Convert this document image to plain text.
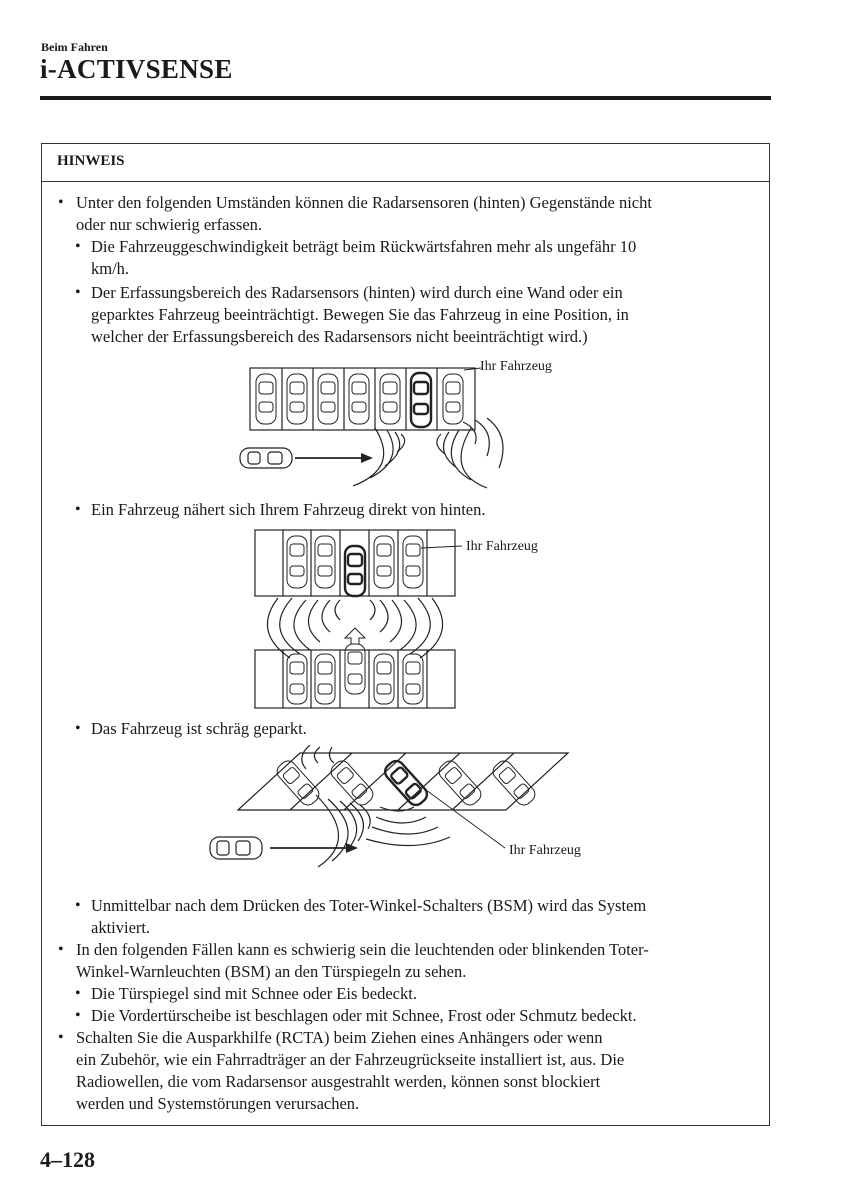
Beim Fahren
i-ACTIVSENSE
HINWEIS
• Unter den folgenden Umständen können die Radarsensoren (hinten) Gegenstände nicht
oder nur schwierig erfassen.
• Die Fahrzeuggeschwindigkeit beträgt beim Rückwärtsfahren mehr als ungefähr 10
km/h.
• Der Erfassungsbereich des Radarsensors (hinten) wird durch eine Wand oder ein
geparktes Fahrzeug beeinträchtigt. Bewegen Sie das Fahrzeug in eine Position, in
welcher der Erfassungsbereich des Radarsensors nicht beeinträchtigt wird.)
Ihr Fahrzeug
• Ein Fahrzeug nähert sich Ihrem Fahrzeug direkt von hinten.
Ihr Fahrzeug
• Das Fahrzeug ist schräg geparkt.
Ihr Fahrzeug
• Unmittelbar nach dem Drücken des Toter-Winkel-Schalters (BSM) wird das System
aktiviert.
• In den folgenden Fällen kann es schwierig sein die leuchtenden oder blinkenden Toter-
Winkel-Warnleuchten (BSM) an den Türspiegeln zu sehen.
• Die Türspiegel sind mit Schnee oder Eis bedeckt.
• Die Vordertürscheibe ist beschlagen oder mit Schnee, Frost oder Schmutz bedeckt.
• Schalten Sie die Ausparkhilfe (RCTA) beim Ziehen eines Anhängers oder wenn
ein Zubehör, wie ein Fahrradträger an der Fahrzeugrückseite installiert ist, aus. Die
Radiowellen, die vom Radarsensor ausgestrahlt werden, können sonst blockiert
werden und Systemstörungen verursachen.
4–128
